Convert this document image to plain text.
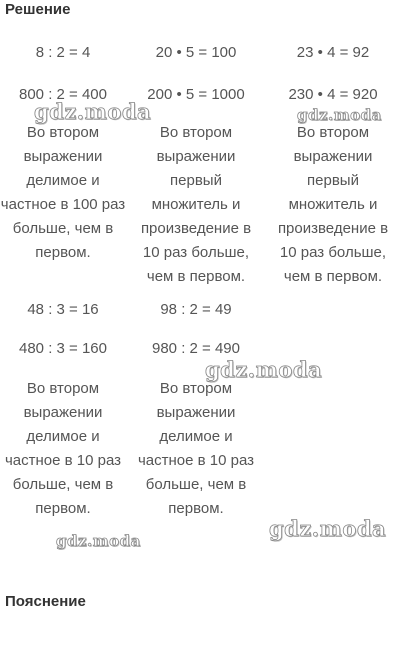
Решение
8 : 2 = 4
800 : 2 = 400
Во втором выражении делимое и частное в 100 раз больше, чем в первом.
20 • 5 = 100
200 • 5 = 1000
Во втором выражении первый множитель и произведение в 10 раз больше, чем в первом.
23 • 4 = 92
230 • 4 = 920
Во втором выражении первый множитель и произведение в 10 раз больше, чем в первом.
48 : 3 = 16
480 : 3 = 160
Во втором выражении делимое и частное в 10 раз больше, чем в первом.
98 : 2 = 49
980 : 2 = 490
Во втором выражении делимое и частное в 10 раз больше, чем в первом.
Пояснение
gdz.moda	gdz.moda
gdz.moda
gdz.moda
gdz.moda
